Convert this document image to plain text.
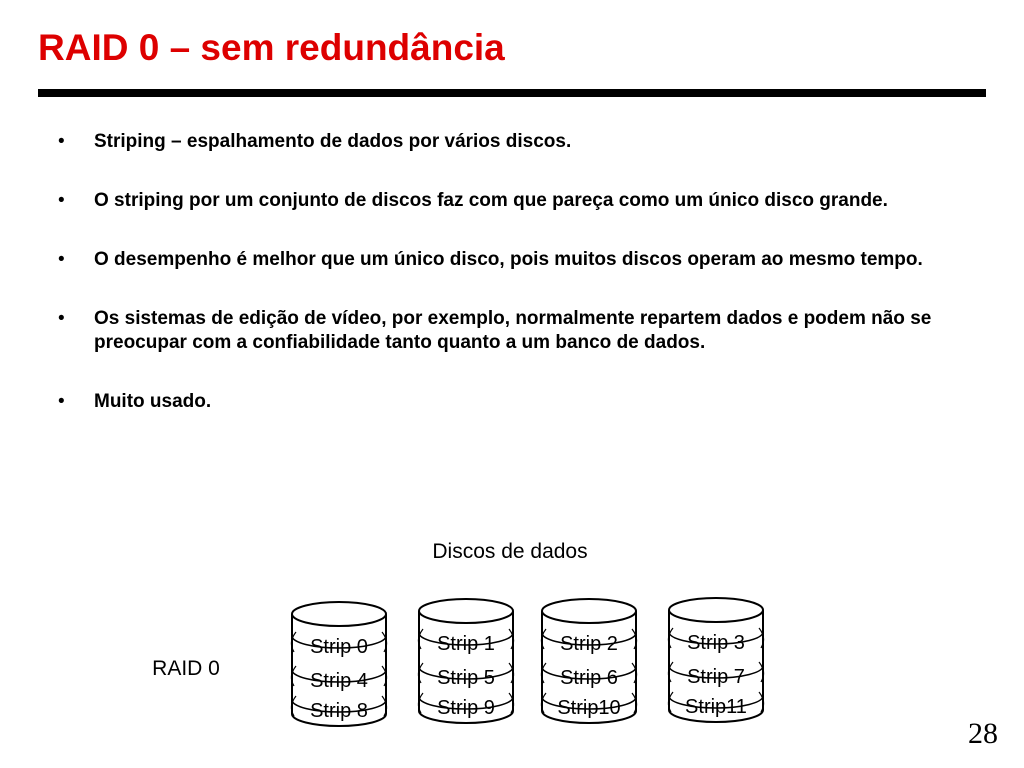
RAID 0 – sem redundância
• Striping – espalhamento de dados por vários discos.
• O striping por um conjunto de discos faz com que pareça como um único disco grande.
• O desempenho é melhor que um único disco, pois muitos discos operam ao mesmo tempo.
• Os sistemas de edição de vídeo, por exemplo, normalmente repartem dados e podem não se preocupar com a confiabilidade tanto quanto a um banco de dados.
• Muito usado.
Discos de dados
RAID 0
Strip 0
Strip 4
Strip 8
Strip 1
Strip 5
Strip 9
Strip 2
Strip 6
Strip10
Strip 3
Strip 7
Strip11
28
